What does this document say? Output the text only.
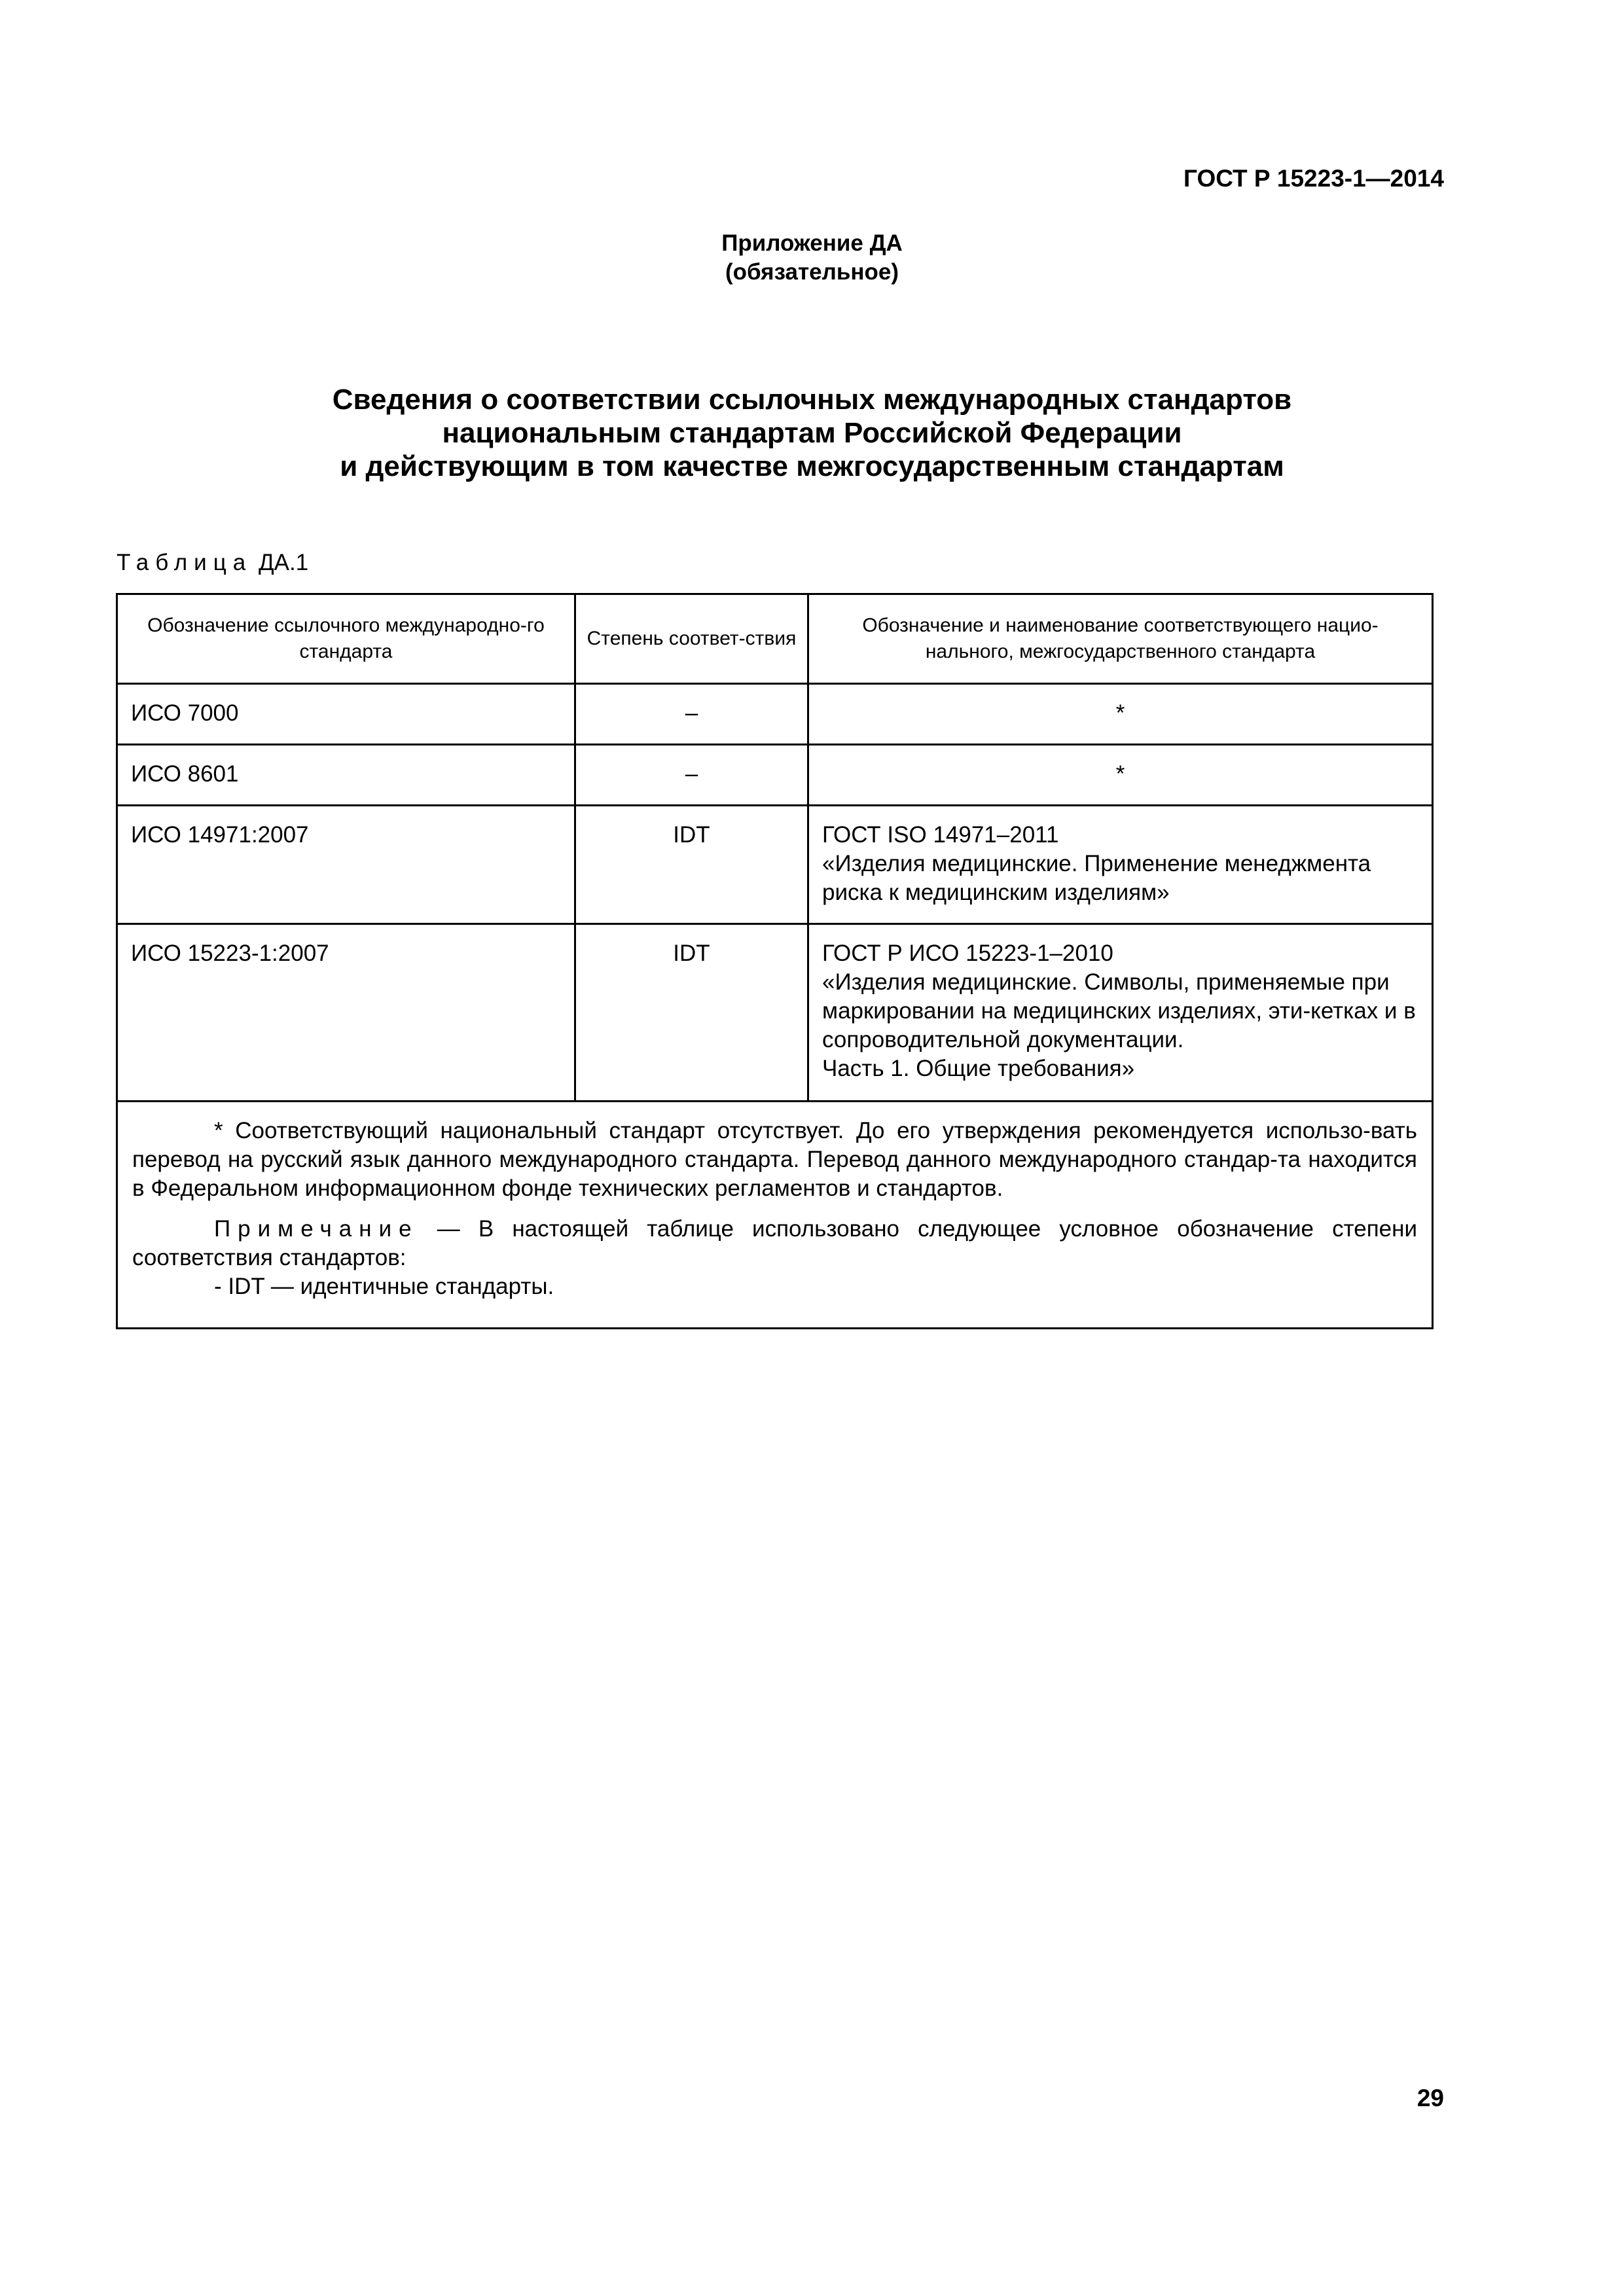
ГОСТ Р 15223-1—2014
Приложение ДА
(обязательное)
Сведения о соответствии ссылочных международных стандартов
национальным стандартам Российской Федерации
и действующим в том качестве межгосударственным стандартам
Таблица ДА.1
Обозначение ссылочного международно-го стандарта	Степень соответ-ствия	Обозначение и наименование соответствующего нацио-нального, межгосударственного стандарта

ИСО 7000	–	*

ИСО 8601	–	*

ИСО 14971:2007	IDT	ГОСТ ISO 14971–2011
«Изделия медицинские. Применение менеджмента риска к медицинским изделиям»

ИСО 15223-1:2007	IDT	ГОСТ Р ИСО 15223-1–2010
«Изделия медицинские. Символы, применяемые при маркировании на медицинских изделиях, эти-кетках и в сопроводительной документации.
Часть 1. Общие требования»

* Соответствующий национальный стандарт отсутствует. До его утверждения рекомендуется использо-вать перевод на русский язык данного международного стандарта. Перевод данного международного стандар-та находится в Федеральном информационном фонде технических регламентов и стандартов.

Примечание — В настоящей таблице использовано следующее условное обозначение степени соответствия стандартов:

- IDT — идентичные стандарты.		

29
